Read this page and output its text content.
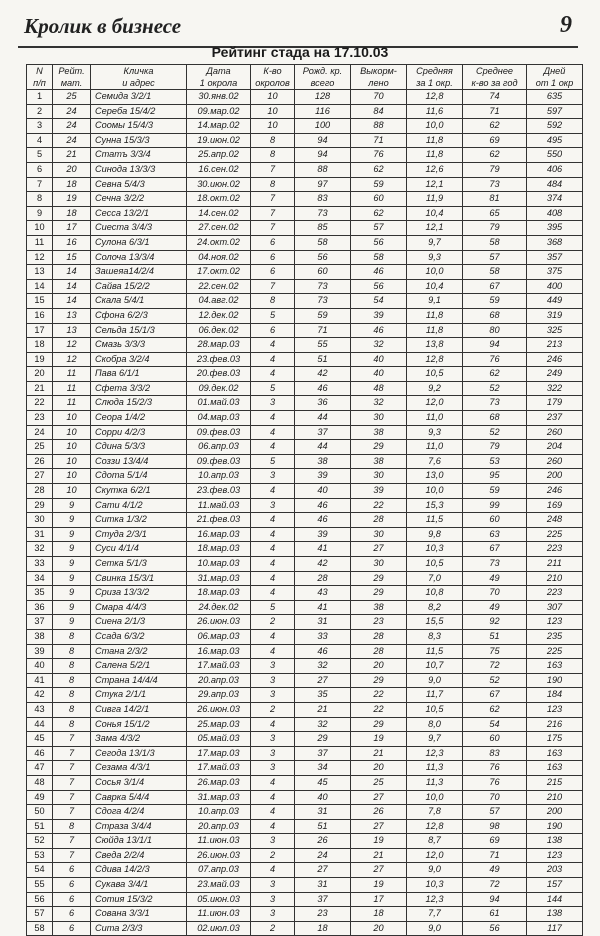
Кролик в бизнесе	9
Рейтинг стада на 17.10.03
N	Рейт.	Кличка	Дата	К-во	Рожд. кр.	Выкорм-	Средняя	Среднее	Дней
п/п	мат.	и адрес	1 окрола	окролов	всего	лено	за 1 окр.	к-во за год	от 1 окр
1	25	Семида 3/2/1	30.янв.02	10	128	70	12,8	74	635
2	24	Сереба 15/4/2	09.мар.02	10	116	84	11,6	71	597
3	24	Соомы 15/4/3	14.мар.02	10	100	88	10,0	62	592
4	24	Сунна 15/3/3	19.июн.02	8	94	71	11,8	69	495
5	21	Статъ 3/3/4	25.апр.02	8	94	76	11,8	62	550
6	20	Синода 13/3/3	16.сен.02	7	88	62	12,6	79	406
7	18	Севна 5/4/3	30.июн.02	8	97	59	12,1	73	484
8	19	Сечна 3/2/2	18.окт.02	7	83	60	11,9	81	374
9	18	Сесса 13/2/1	14.сен.02	7	73	62	10,4	65	408
10	17	Сиеста 3/4/3	27.сен.02	7	85	57	12,1	79	395
11	16	Сулона 6/3/1	24.окт.02	6	58	56	9,7	58	368
12	15	Солоча 13/3/4	04.ноя.02	6	56	58	9,3	57	357
13	14	Зашеяа14/2/4	17.окт.02	6	60	46	10,0	58	375
14	14	Сайва 15/2/2	22.сен.02	7	73	56	10,4	67	400
15	14	Скала 5/4/1	04.авг.02	8	73	54	9,1	59	449
16	13	Сфона 6/2/3	12.дек.02	5	59	39	11,8	68	319
17	13	Сельда 15/1/3	06.дек.02	6	71	46	11,8	80	325
18	12	Смазь 3/3/3	28.мар.03	4	55	32	13,8	94	213
19	12	Скобра 3/2/4	23.фев.03	4	51	40	12,8	76	246
20	11	Пава 6/1/1	20.фев.03	4	42	40	10,5	62	249
21	11	Сфета 3/3/2	09.дек.02	5	46	48	9,2	52	322
22	11	Слюда 15/2/3	01.май.03	3	36	32	12,0	73	179
23	10	Сеора 1/4/2	04.мар.03	4	44	30	11,0	68	237
24	10	Сорри 4/2/3	09.фев.03	4	37	38	9,3	52	260
25	10	Сдина 5/3/3	06.апр.03	4	44	29	11,0	79	204
26	10	Соззи 13/4/4	09.фев.03	5	38	38	7,6	53	260
27	10	Сдота 5/1/4	10.апр.03	3	39	30	13,0	95	200
28	10	Скутка 6/2/1	23.фев.03	4	40	39	10,0	59	246
29	9	Сати 4/1/2	11.май.03	3	46	22	15,3	99	169
30	9	Ситка 1/3/2	21.фев.03	4	46	28	11,5	60	248
31	9	Студа 2/3/1	16.мар.03	4	39	30	9,8	63	225
32	9	Суси 4/1/4	18.мар.03	4	41	27	10,3	67	223
33	9	Сетка 5/1/3	10.мар.03	4	42	30	10,5	73	211
34	9	Свинка 15/3/1	31.мар.03	4	28	29	7,0	49	210
35	9	Сриза 13/3/2	18.мар.03	4	43	29	10,8	70	223
36	9	Смара 4/4/3	24.дек.02	5	41	38	8,2	49	307
37	9	Сиена 2/1/3	26.июн.03	2	31	23	15,5	92	123
38	8	Ссада 6/3/2	06.мар.03	4	33	28	8,3	51	235
39	8	Стана 2/3/2	16.мар.03	4	46	28	11,5	75	225
40	8	Салена 5/2/1	17.май.03	3	32	20	10,7	72	163
41	8	Страна 14/4/4	20.апр.03	3	27	29	9,0	52	190
42	8	Стука 2/1/1	29.апр.03	3	35	22	11,7	67	184
43	8	Сивга 14/2/1	26.июн.03	2	21	22	10,5	62	123
44	8	Сонья 15/1/2	25.мар.03	4	32	29	8,0	54	216
45	7	Зама 4/3/2	05.май.03	3	29	19	9,7	60	175
46	7	Сегода 13/1/3	17.мар.03	3	37	21	12,3	83	163
47	7	Сезама 4/3/1	17.май.03	3	34	20	11,3	76	163
48	7	Сосья 3/1/4	26.мар.03	4	45	25	11,3	76	215
49	7	Саврка 5/4/4	31.мар.03	4	40	27	10,0	70	210
50	7	Сдога 4/2/4	10.апр.03	4	31	26	7,8	57	200
51	8	Страза 3/4/4	20.апр.03	4	51	27	12,8	98	190
52	7	Сюйда 13/1/1	11.июн.03	3	26	19	8,7	69	138
53	7	Сведа 2/2/4	26.июн.03	2	24	21	12,0	71	123
54	6	Сдива 14/2/3	07.апр.03	4	27	27	9,0	49	203
55	6	Сукава 3/4/1	23.май.03	3	31	19	10,3	72	157
56	6	Сотия 15/3/2	05.июн.03	3	37	17	12,3	94	144
57	6	Сована 3/3/1	11.июн.03	3	23	18	7,7	61	138
58	6	Сита 2/3/3	02.июл.03	2	18	20	9,0	56	117
